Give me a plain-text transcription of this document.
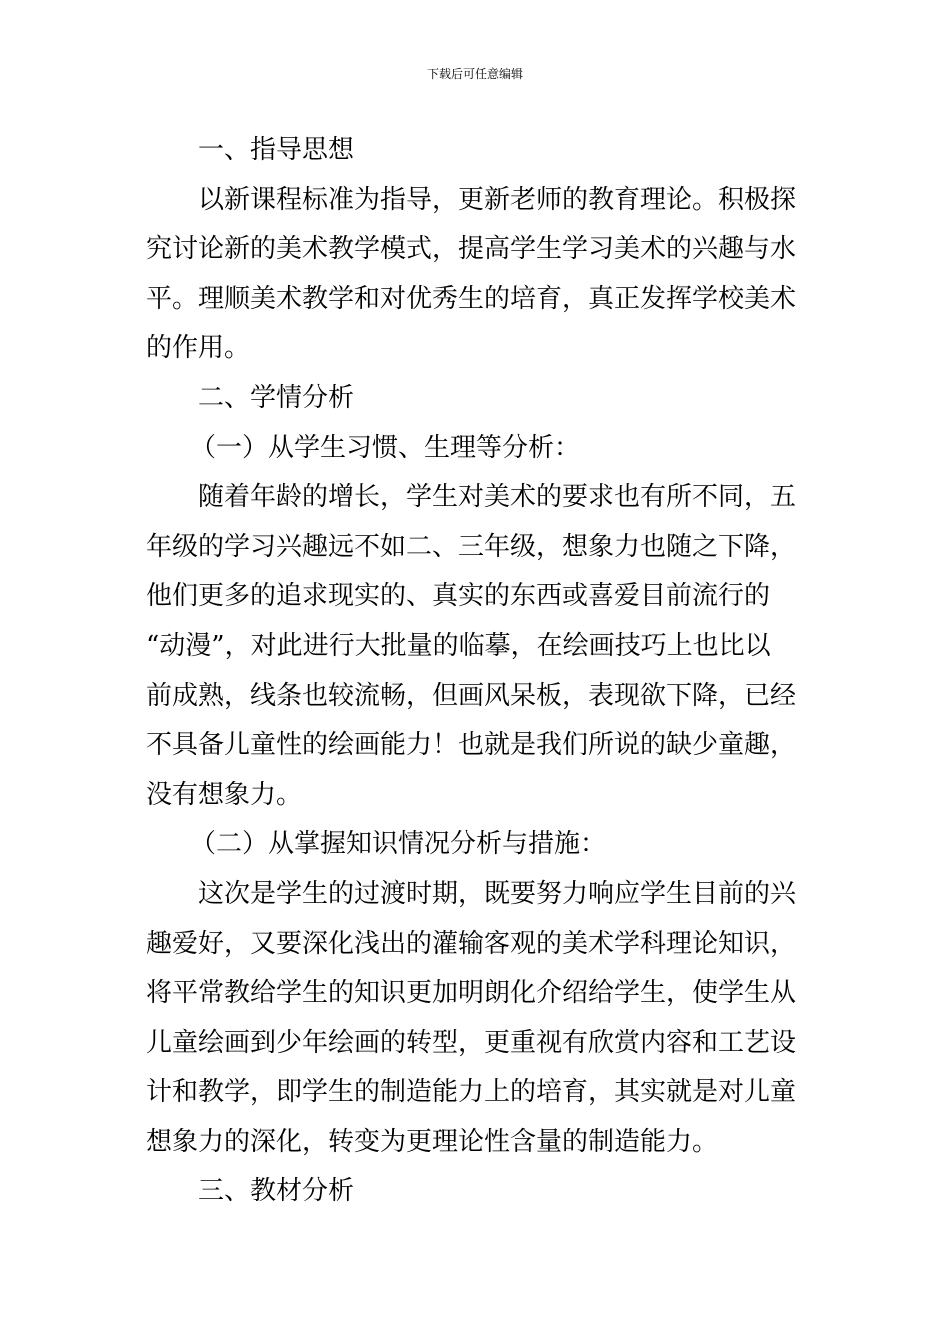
下载后可任意编辑
一、指导思想
以新课程标准为指导，更新老师的教育理论。积极探
究讨论新的美术教学模式，提高学生学习美术的兴趣与水
平。理顺美术教学和对优秀生的培育，真正发挥学校美术
的作用。
二、学情分析
（一）从学生习惯、生理等分析：
随着年龄的增长，学生对美术的要求也有所不同，五
年级的学习兴趣远不如二、三年级，想象力也随之下降，
他们更多的追求现实的、真实的东西或喜爱目前流行的
“动漫”，对此进行大批量的临摹，在绘画技巧上也比以
前成熟，线条也较流畅，但画风呆板，表现欲下降，已经
不具备儿童性的绘画能力！也就是我们所说的缺少童趣，
没有想象力。
（二）从掌握知识情况分析与措施：
这次是学生的过渡时期，既要努力响应学生目前的兴
趣爱好，又要深化浅出的灌输客观的美术学科理论知识，
将平常教给学生的知识更加明朗化介绍给学生，使学生从
儿童绘画到少年绘画的转型，更重视有欣赏内容和工艺设
计和教学，即学生的制造能力上的培育，其实就是对儿童
想象力的深化，转变为更理论性含量的制造能力。
三、教材分析
